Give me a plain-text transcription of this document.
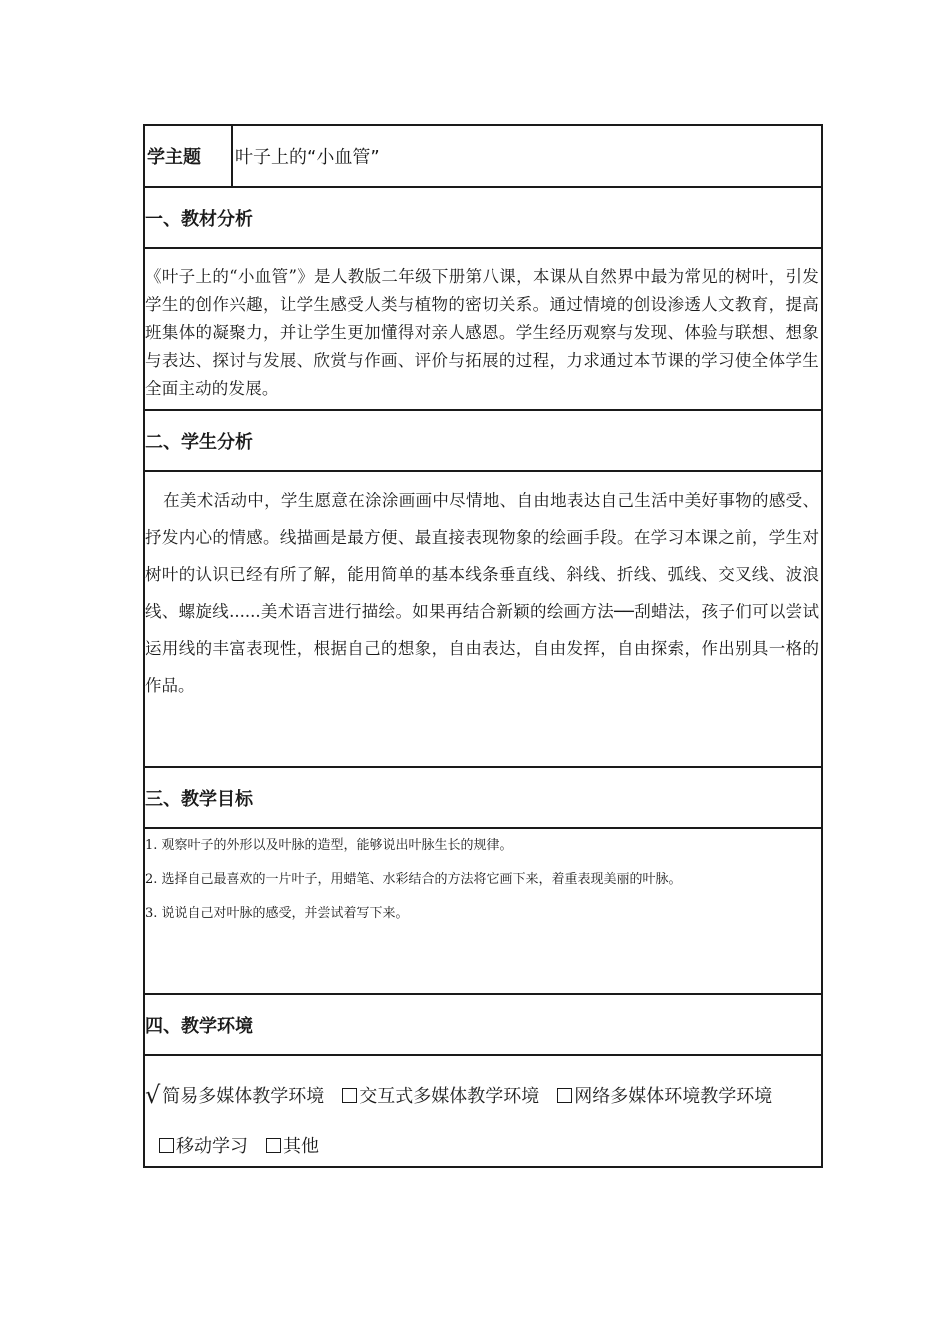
学主题	叶子上的“小血管”
一、教材分析
《叶子上的“小血管”》是人教版二年级下册第八课，本课从自然界中最为常见的树叶，引发学生的创作兴趣，让学生感受人类与植物的密切关系。通过情境的创设渗透人文教育，提高班集体的凝聚力，并让学生更加懂得对亲人感恩。学生经历观察与发现、体验与联想、想象与表达、探讨与发展、欣赏与作画、评价与拓展的过程，力求通过本节课的学习使全体学生全面主动的发展。
二、学生分析
在美术活动中，学生愿意在涂涂画画中尽情地、自由地表达自己生活中美好事物的感受、抒发内心的情感。线描画是最方便、最直接表现物象的绘画手段。在学习本课之前，学生对树叶的认识已经有所了解，能用简单的基本线条垂直线、斜线、折线、弧线、交叉线、波浪线、螺旋线......美术语言进行描绘。如果再结合新颖的绘画方法──刮蜡法，孩子们可以尝试运用线的丰富表现性，根据自己的想象，自由表达，自由发挥，自由探索，作出别具一格的作品。
三、教学目标
1. 观察叶子的外形以及叶脉的造型，能够说出叶脉生长的规律。
2. 选择自己最喜欢的一片叶子，用蜡笔、水彩结合的方法将它画下来，着重表现美丽的叶脉。
3. 说说自己对叶脉的感受，并尝试着写下来。
四、教学环境
√ 简易多媒体教学环境 交互式多媒体教学环境 网络多媒体环境教学环境
移动学习 其他
